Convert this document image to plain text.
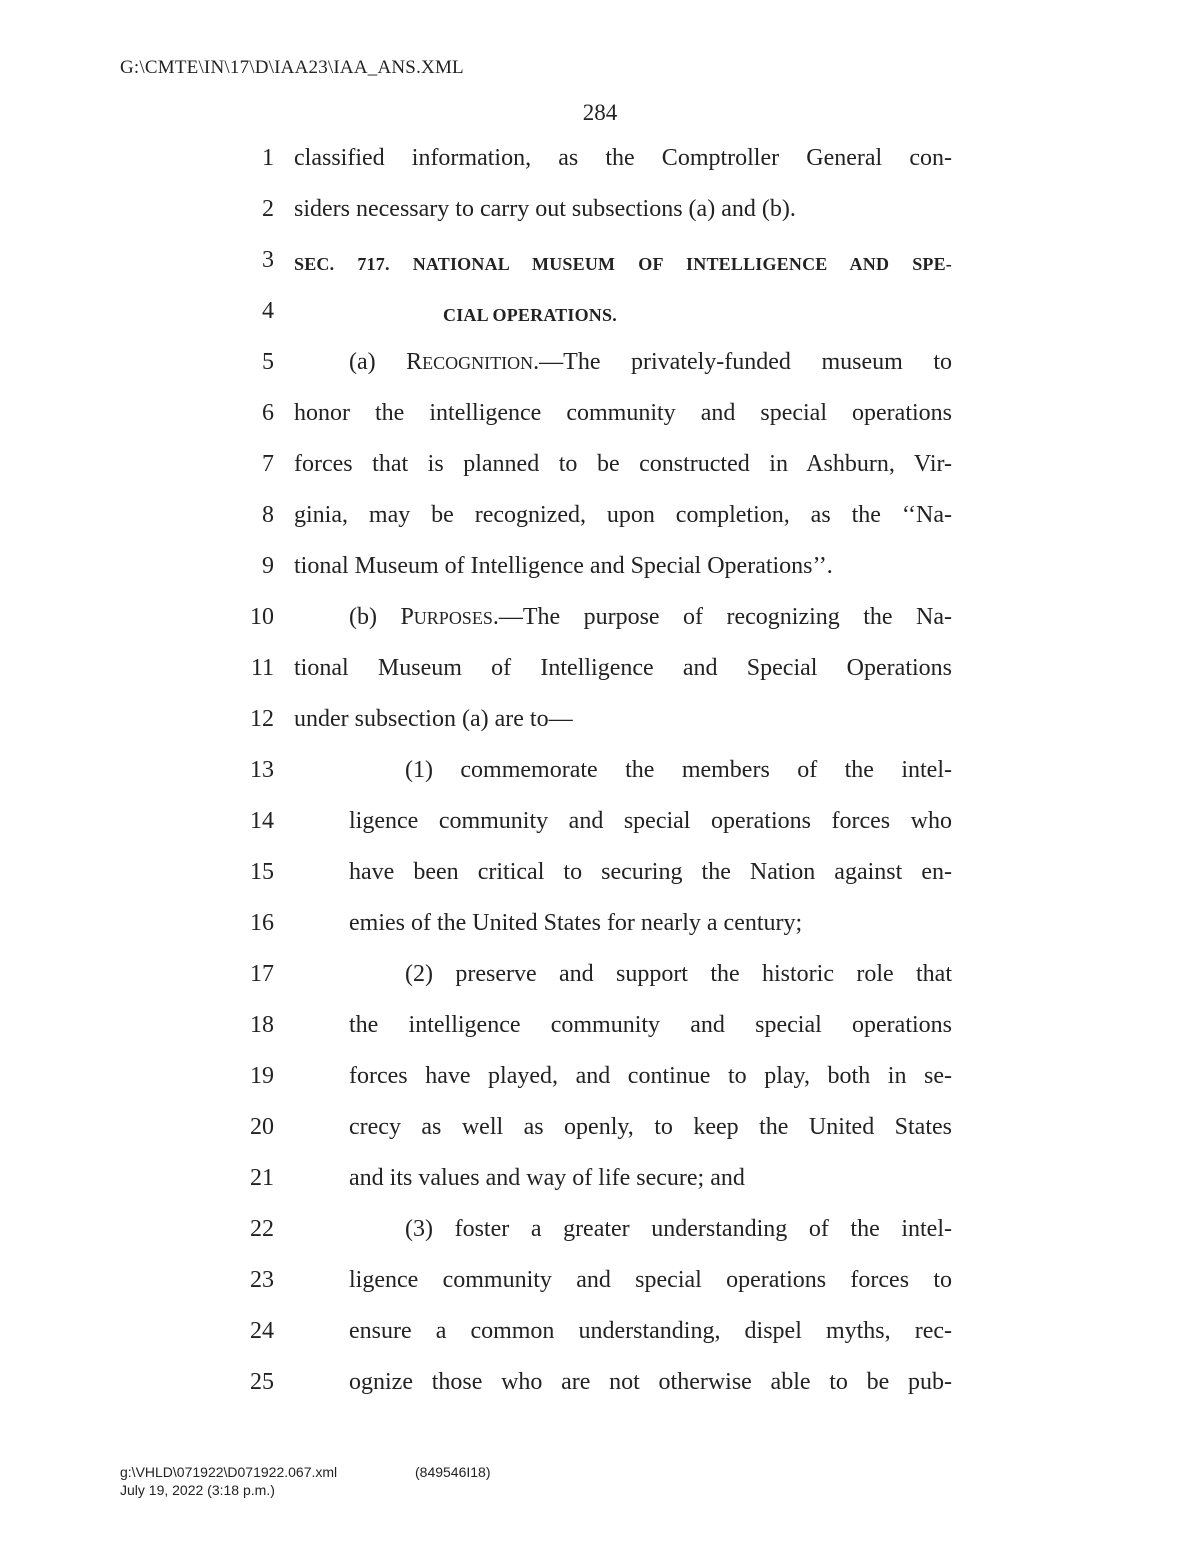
G:\CMTE\IN\17\D\IAA23\IAA_ANS.XML
284
1 classified information, as the Comptroller General con-
2 siders necessary to carry out subsections (a) and (b).
3 SEC. 717. NATIONAL MUSEUM OF INTELLIGENCE AND SPE-
4	CIAL OPERATIONS.
5	(a) RECOGNITION.—The privately-funded museum to
6 honor the intelligence community and special operations
7 forces that is planned to be constructed in Ashburn, Vir-
8 ginia, may be recognized, upon completion, as the ‘‘Na-
9 tional Museum of Intelligence and Special Operations’’.
10	(b) PURPOSES.—The purpose of recognizing the Na-
11 tional Museum of Intelligence and Special Operations
12 under subsection (a) are to—
13	(1) commemorate the members of the intel-
14	ligence community and special operations forces who
15	have been critical to securing the Nation against en-
16	emies of the United States for nearly a century;
17	(2) preserve and support the historic role that
18	the intelligence community and special operations
19	forces have played, and continue to play, both in se-
20	crecy as well as openly, to keep the United States
21	and its values and way of life secure; and
22	(3) foster a greater understanding of the intel-
23	ligence community and special operations forces to
24	ensure a common understanding, dispel myths, rec-
25	ognize those who are not otherwise able to be pub-
g:\VHLD\071922\D071922.067.xml	(849546I18)
July 19, 2022 (3:18 p.m.)
